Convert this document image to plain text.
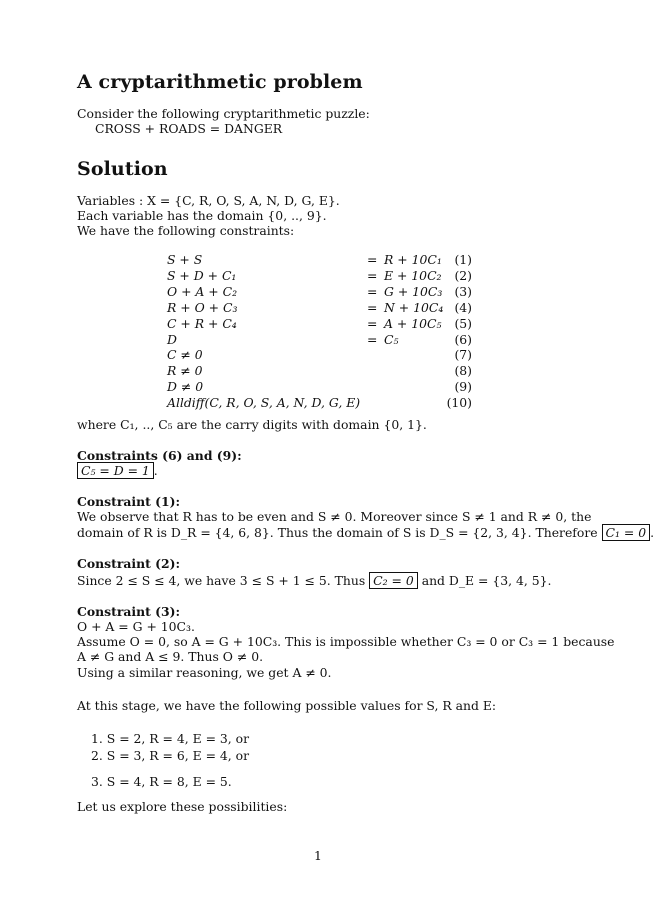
A cryptarithmetic problem
Consider the following cryptarithmetic puzzle:
CROSS + ROADS = DANGER
Solution
Variables : X = {C, R, O, S, A, N, D, G, E}.
Each variable has the domain {0, .., 9}.
We have the following constraints:
S + S	= R + 10C₁	(1)
S + D + C₁	= E + 10C₂	(2)
O + A + C₂	= G + 10C₃ (3)
R + O + C₃	= N + 10C₄ (4)
C + R + C₄	= A + 10C₅	(5)
D	= C₅	(6)
C ≠ 0	(7)
R ≠ 0	(8)
D ≠ 0	(9)
Alldiff(C, R, O, S, A, N, D, G, E)	(10)
where C₁, .., C₅ are the carry digits with domain {0, 1}.
Constraints (6) and (9):
C₅ = D = 1 .
Constraint (1):
We observe that R has to be even and S ≠ 0. Moreover since S ≠ 1 and R ≠ 0, the
domain of R is D_R = {4, 6, 8}. Thus the domain of S is D_S = {2, 3, 4}. Therefore C₁ = 0 .
Constraint (2):
Since 2 ≤ S ≤ 4, we have 3 ≤ S + 1 ≤ 5. Thus C₂ = 0 and D_E = {3, 4, 5}.
Constraint (3):
O + A = G + 10C₃.
Assume O = 0, so A = G + 10C₃. This is impossible whether C₃ = 0 or C₃ = 1 because
A ≠ G and A ≤ 9. Thus O ≠ 0.
Using a similar reasoning, we get A ≠ 0.
At this stage, we have the following possible values for S, R and E:
1. S = 2, R = 4, E = 3, or
2. S = 3, R = 6, E = 4, or
3. S = 4, R = 8, E = 5.
Let us explore these possibilities:
1
